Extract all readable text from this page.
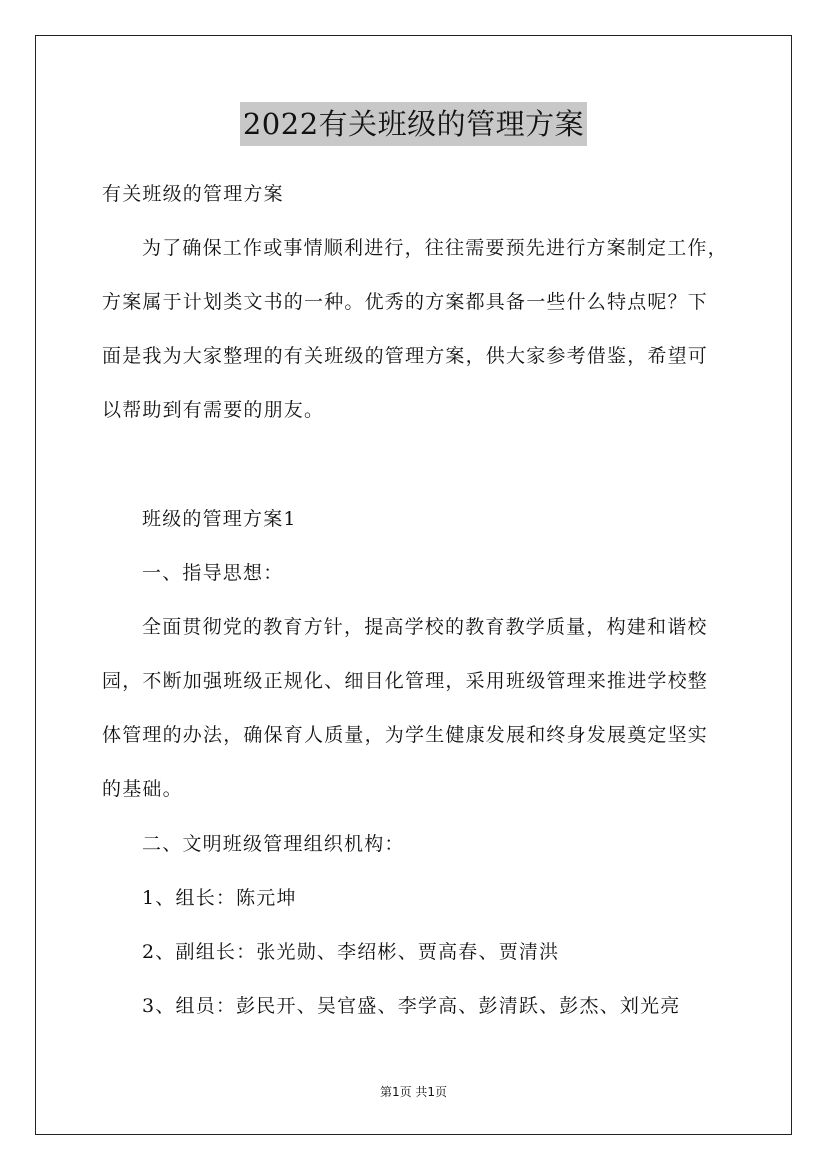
2022有关班级的管理方案

有关班级的管理方案

为了确保工作或事情顺利进行，往往需要预先进行方案制定工作，

方案属于计划类文书的一种。优秀的方案都具备一些什么特点呢？下

面是我为大家整理的有关班级的管理方案，供大家参考借鉴，希望可

以帮助到有需要的朋友。

班级的管理方案1

一、指导思想：

全面贯彻党的教育方针，提高学校的教育教学质量，构建和谐校

园，不断加强班级正规化、细目化管理，采用班级管理来推进学校整

体管理的办法，确保育人质量，为学生健康发展和终身发展奠定坚实

的基础。

二、文明班级管理组织机构：

1、组长：陈元坤

2、副组长：张光勋、李绍彬、贾高春、贾清洪

3、组员：彭民开、吴官盛、李学高、彭清跃、彭杰、刘光亮

第1页 共1页
